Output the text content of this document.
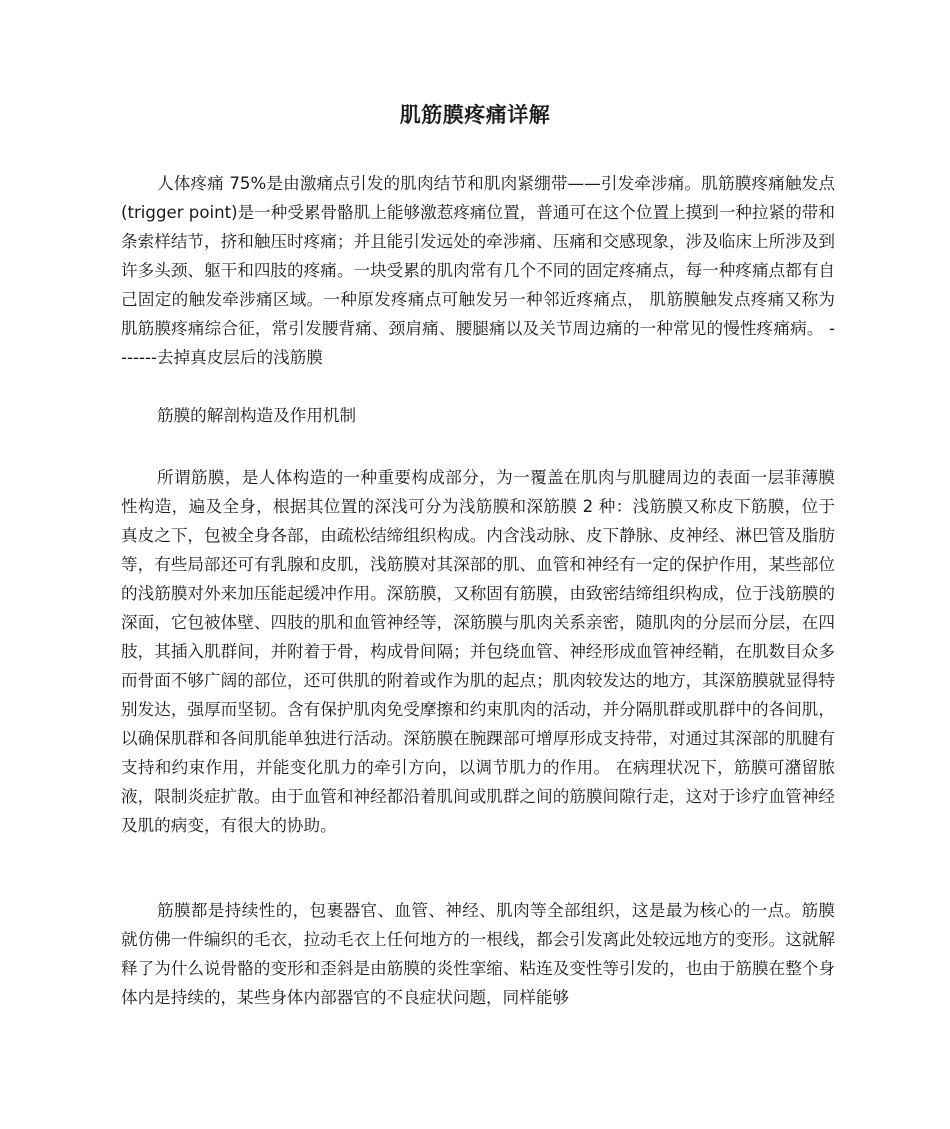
肌筋膜疼痛详解

人体疼痛 75%是由激痛点引发的肌肉结节和肌肉紧绷带——引发牵涉痛。肌筋膜疼痛触发点(trigger point)是一种受累骨骼肌上能够激惹疼痛位置，普通可在这个位置上摸到一种拉紧的带和条索样结节，挤和触压时疼痛；并且能引发远处的牵涉痛、压痛和交感现象，涉及临床上所涉及到许多头颈、躯干和四肢的疼痛。一块受累的肌肉常有几个不同的固定疼痛点，每一种疼痛点都有自己固定的触发牵涉痛区域。一种原发疼痛点可触发另一种邻近疼痛点， 肌筋膜触发点疼痛又称为肌筋膜疼痛综合征，常引发腰背痛、颈肩痛、腰腿痛以及关节周边痛的一种常见的慢性疼痛病。 -------去掉真皮层后的浅筋膜

筋膜的解剖构造及作用机制

所谓筋膜，是人体构造的一种重要构成部分，为一覆盖在肌肉与肌腱周边的表面一层菲薄膜性构造，遍及全身，根据其位置的深浅可分为浅筋膜和深筋膜 2 种：浅筋膜又称皮下筋膜，位于真皮之下，包被全身各部，由疏松结缔组织构成。内含浅动脉、皮下静脉、皮神经、淋巴管及脂肪等，有些局部还可有乳腺和皮肌，浅筋膜对其深部的肌、血管和神经有一定的保护作用，某些部位的浅筋膜对外来加压能起缓冲作用。深筋膜，又称固有筋膜，由致密结缔组织构成，位于浅筋膜的深面，它包被体壁、四肢的肌和血管神经等，深筋膜与肌肉关系亲密，随肌肉的分层而分层，在四肢，其插入肌群间，并附着于骨，构成骨间隔；并包绕血管、神经形成血管神经鞘，在肌数目众多而骨面不够广阔的部位，还可供肌的附着或作为肌的起点；肌肉较发达的地方，其深筋膜就显得特别发达，强厚而坚韧。含有保护肌肉免受摩擦和约束肌肉的活动，并分隔肌群或肌群中的各间肌，以确保肌群和各间肌能单独进行活动。深筋膜在腕踝部可增厚形成支持带，对通过其深部的肌腱有支持和约束作用，并能变化肌力的牵引方向，以调节肌力的作用。 在病理状况下，筋膜可潴留脓液，限制炎症扩散。由于血管和神经都沿着肌间或肌群之间的筋膜间隙行走，这对于诊疗血管神经及肌的病变，有很大的协助。

筋膜都是持续性的，包裹器官、血管、神经、肌肉等全部组织，这是最为核心的一点。筋膜就仿佛一件编织的毛衣，拉动毛衣上任何地方的一根线，都会引发离此处较远地方的变形。这就解释了为什么说骨骼的变形和歪斜是由筋膜的炎性挛缩、粘连及变性等引发的，也由于筋膜在整个身体内是持续的，某些身体内部器官的不良症状问题，同样能够
